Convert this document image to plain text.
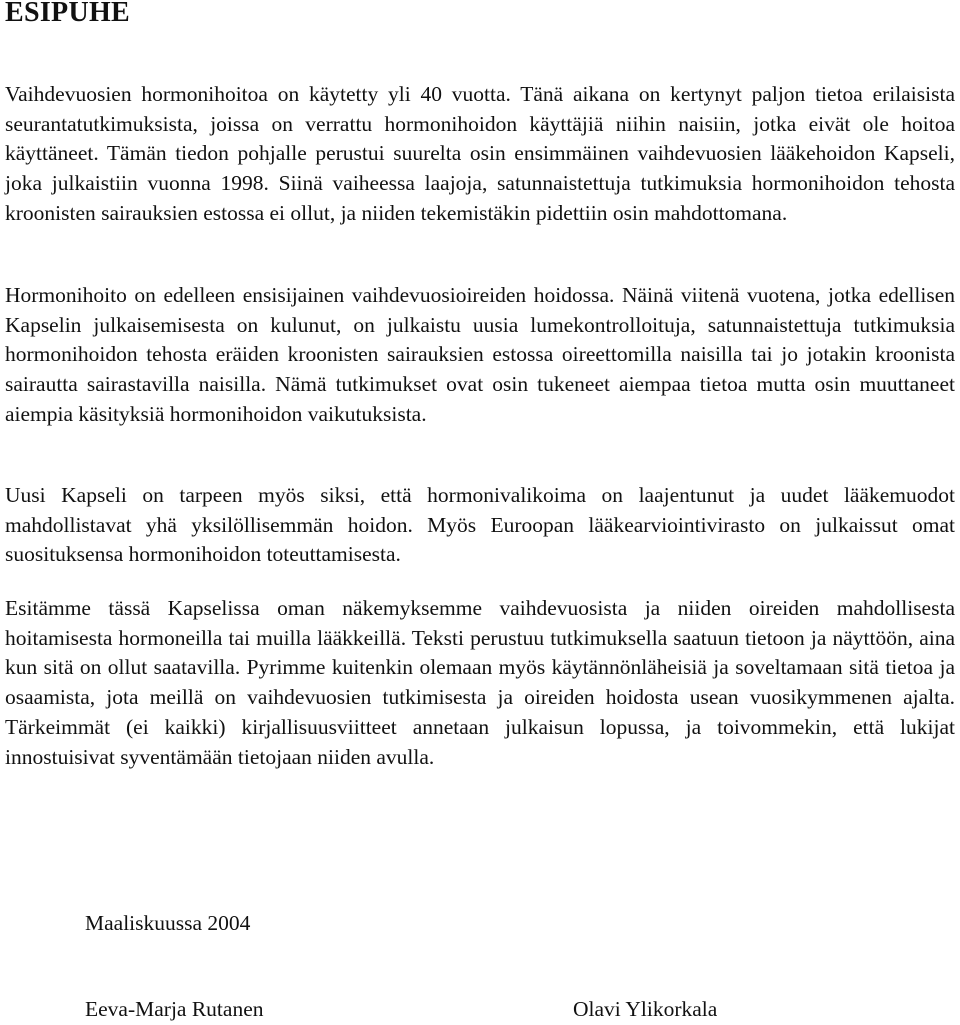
ESIPUHE

Vaihdevuosien hormonihoitoa on käytetty yli 40 vuotta. Tänä aikana on kertynyt paljon tietoa erilaisista seurantatutkimuksista, joissa on verrattu hormonihoidon käyttäjiä niihin naisiin, jotka eivät ole hoitoa käyttäneet. Tämän tiedon pohjalle perustui suurelta osin ensimmäinen vaihdevuosien lääkehoidon Kapseli, joka julkaistiin vuonna 1998. Siinä vaiheessa laajoja, satunnaistettuja tutkimuksia hormonihoidon tehosta kroonisten sairauksien estossa ei ollut, ja niiden tekemistäkin pidettiin osin mahdottomana.

Hormonihoito on edelleen ensisijainen vaihdevuosioireiden hoidossa. Näinä viitenä vuotena, jotka edellisen Kapselin julkaisemisesta on kulunut, on julkaistu uusia lumekontrolloituja, satunnaistettuja tutkimuksia hormonihoidon tehosta eräiden kroonisten sairauksien estossa oireettomilla naisilla tai jo jotakin kroonista sairautta sairastavilla naisilla. Nämä tutkimukset ovat osin tukeneet aiempaa tietoa mutta osin muuttaneet aiempia käsityksiä hormonihoidon vaikutuksista.

Uusi Kapseli on tarpeen myös siksi, että hormonivalikoima on laajentunut ja uudet lääkemuodot mahdollistavat yhä yksilöllisemmän hoidon. Myös Euroopan lääkearviointivirasto on julkaissut omat suosituksensa hormonihoidon toteuttamisesta.

Esitämme tässä Kapselissa oman näkemyksemme vaihdevuosista ja niiden oireiden mahdollisesta hoitamisesta hormoneilla tai muilla lääkkeillä. Teksti perustuu tutkimuksella saatuun tietoon ja näyttöön, aina kun sitä on ollut saatavilla. Pyrimme kuitenkin olemaan myös käytännönläheisiä ja soveltamaan sitä tietoa ja osaamista, jota meillä on vaihdevuosien tutkimisesta ja oireiden hoidosta usean vuosikymmenen ajalta. Tärkeimmät (ei kaikki) kirjallisuusviitteet annetaan julkaisun lopussa, ja toivommekin, että lukijat innostuisivat syventämään tietojaan niiden avulla.

Maaliskuussa 2004
Eeva-Marja Rutanen	Olavi Ylikorkala
